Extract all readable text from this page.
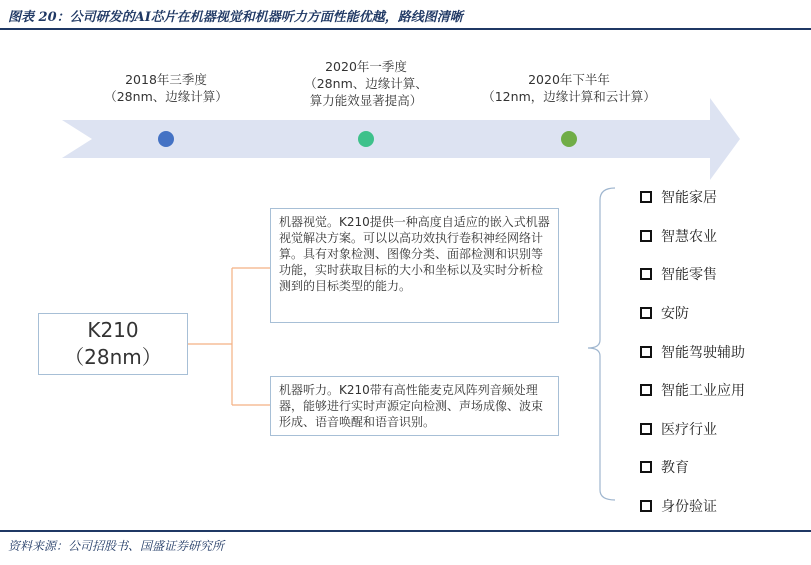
图表 20：公司研发的AI芯片在机器视觉和机器听力方面性能优越，路线图清晰
2018年三季度
（28nm、边缘计算）
2020年一季度
（28nm、边缘计算、
算力能效显著提高）
2020年下半年
（12nm，边缘计算和云计算）
K210
（28nm）
机器视觉。K210提供一种高度自适应的嵌入式机器视觉解决方案。可以以高功效执行卷积神经网络计算。具有对象检测、图像分类、面部检测和识别等功能，实时获取目标的大小和坐标以及实时分析检测到的目标类型的能力。
机器听力。K210带有高性能麦克风阵列音频处理器，能够进行实时声源定向检测、声场成像、波束形成、语音唤醒和语音识别。
智能家居
智慧农业
智能零售
安防
智能驾驶辅助
智能工业应用
医疗行业
教育
身份验证
资料来源：公司招股书、国盛证券研究所
